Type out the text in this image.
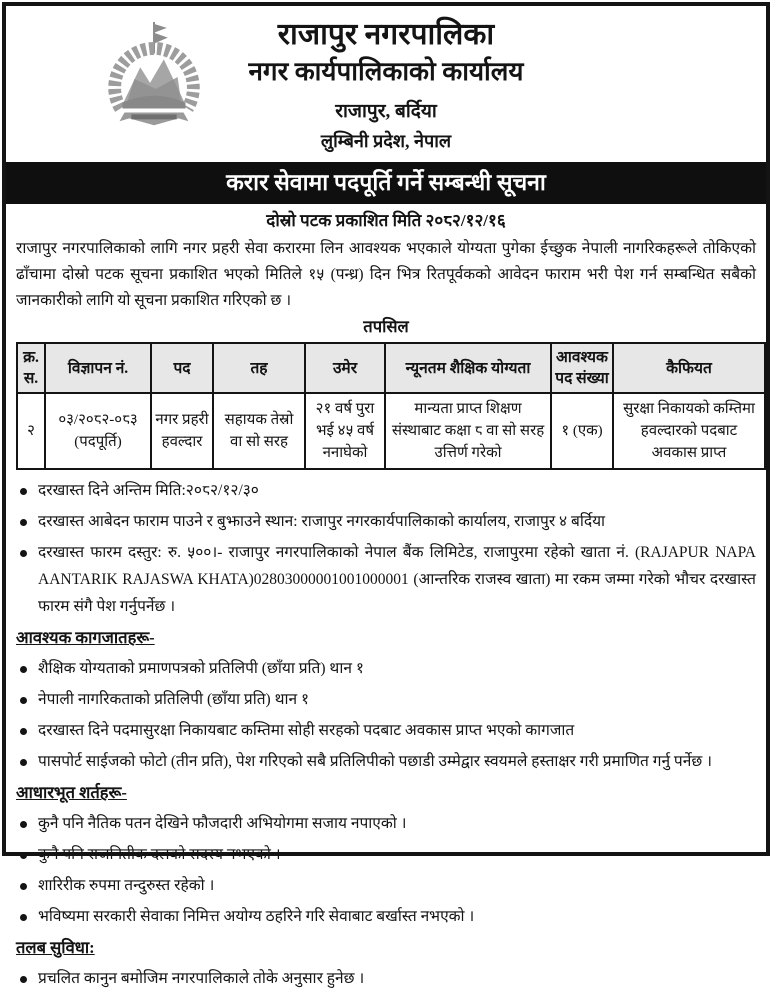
राजापुर नगरपालिका
नगर कार्यपालिकाको कार्यालय
राजापुर, बर्दिया
लुम्बिनी प्रदेश, नेपाल
करार सेवामा पदपूर्ति गर्ने सम्बन्धी सूचना
दोस्रो पटक प्रकाशित मिति २०८२/१२/१६

राजापुर नगरपालिकाको लागि नगर प्रहरी सेवा करारमा लिन आवश्यक भएकाले योग्यता पुगेका ईच्छुक नेपाली नागरिकहरूले तोकिएको ढाँचामा दोस्रो पटक सूचना प्रकाशित भएको मितिले १५ (पन्ध्र) दिन भित्र रितपूर्वकको आवेदन फाराम भरी पेश गर्न सम्बन्धित सबैको जानकारीको लागि यो सूचना प्रकाशित गरिएको छ ।

तपसिल
क्र. स.	विज्ञापन नं.	पद	तह	उमेर	न्यूनतम शैक्षिक योग्यता	आवश्यक पद संख्या	कैफियत
२	०३/२०८२-०८३ (पदपूर्ति)	नगर प्रहरी हवल्दार	सहायक तेस्रो वा सो सरह	२१ वर्ष पुरा भई ४५ वर्ष ननाघेको	मान्यता प्राप्त शिक्षण संस्थाबाट कक्षा ८ वा सो सरह उत्तिर्ण गरेको	१ (एक)	सुरक्षा निकायको कम्तिमा हवल्दारको पदबाट अवकास प्राप्त
दरखास्त दिने अन्तिम मिति:२०८२/१२/३०
दरखास्त आबेदन फाराम पाउने र बुझाउने स्थान: राजापुर नगरकार्यपालिकाको कार्यालय, राजापुर ४ बर्दिया
दरखास्त फारम दस्तुर: रु. ५००।- राजापुर नगरपालिकाको नेपाल बैंक लिमिटेड, राजापुरमा रहेको खाता नं. (RAJAPUR NAPA AANTARIK RAJASWA KHATA)02803000001001000001 (आन्तरिक राजस्व खाता) मा रकम जम्मा गरेको भौचर दरखास्त फारम संगै पेश गर्नुपर्नेछ ।
आवश्यक कागजातहरू-
शैक्षिक योग्यताको प्रमाणपत्रको प्रतिलिपी (छाँया प्रति) थान १
नेपाली नागरिकताको प्रतिलिपी (छाँया प्रति) थान १
दरखास्त दिने पदमासुरक्षा निकायबाट कम्तिमा सोही सरहको पदबाट अवकास प्राप्त भएको कागजात
पासपोर्ट साईजको फोटो (तीन प्रति), पेश गरिएको सबै प्रतिलिपीको पछाडी उम्मेद्वार स्वयमले हस्ताक्षर गरी प्रमाणित गर्नु पर्नेछ ।
आधारभूत शर्तहरू-
कुनै पनि नैतिक पतन देखिने फौजदारी अभियोगमा सजाय नपाएको ।
कुनै पनि राजनितीक दलको सदस्य नभएको ।
शारिरीक रुपमा तन्दुरुस्त रहेको ।
भविष्यमा सरकारी सेवाका निमित्त अयोग्य ठहरिने गरि सेवाबाट बर्खास्त नभएको ।
तलब सुविधा:
प्रचलित कानुन बमोजिम नगरपालिकाले तोके अनुसार हुनेछ ।
